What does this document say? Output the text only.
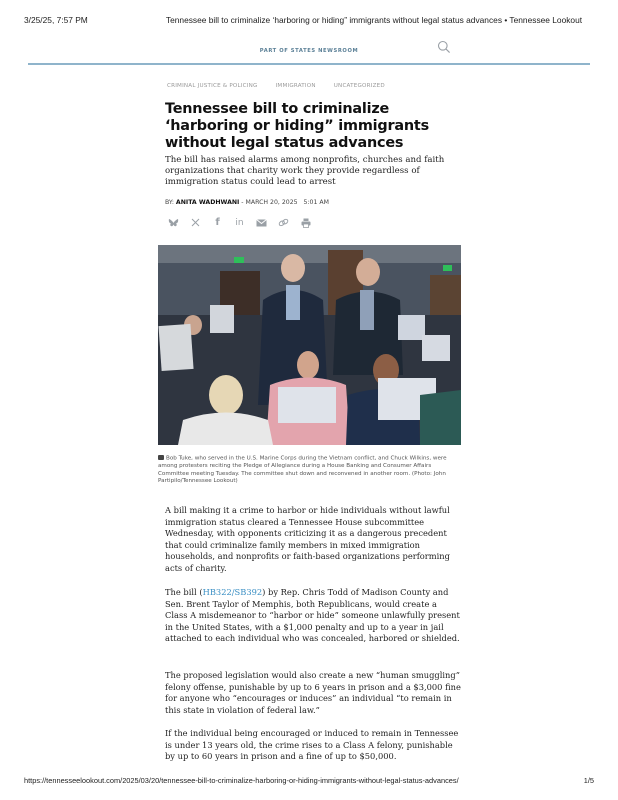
3/25/25, 7:57 PM	Tennessee bill to criminalize ‘harboring or hiding” immigrants without legal status advances • Tennessee Lookout
PART OF STATES NEWSROOM
CRIMINAL JUSTICE & POLICING	IMMIGRATION	UNCATEGORIZED
Tennessee bill to criminalize ‘harboring or hiding” immigrants without legal status advances
The bill has raised alarms among nonprofits, churches and faith organizations that charity work they provide regardless of immigration status could lead to arrest
BY: ANITA WADHWANI - MARCH 20, 2025 5:01 AM
f	in
Bob Tuke, who served in the U.S. Marine Corps during the Vietnam conflict, and Chuck Wilkins, were among protesters reciting the Pledge of Allegiance during a House Banking and Consumer Affairs Committee meeting Tuesday. The committee shut down and reconvened in another room. (Photo: John Partipilo/Tennessee Lookout)

A bill making it a crime to harbor or hide individuals without lawful immigration status cleared a Tennessee House subcommittee Wednesday, with opponents criticizing it as a dangerous precedent that could criminalize family members in mixed immigration households, and nonprofits or faith-based organizations performing acts of charity.

The bill (HB322/SB392) by Rep. Chris Todd of Madison County and Sen. Brent Taylor of Memphis, both Republicans, would create a Class A misdemeanor to “harbor or hide” someone unlawfully present in the United States, with a $1,000 penalty and up to a year in jail attached to each individual who was concealed, harbored or shielded.

The proposed legislation would also create a new “human smuggling” felony offense, punishable by up to 6 years in prison and a $3,000 fine for anyone who “encourages or induces” an individual “to remain in this state in violation of federal law.”

If the individual being encouraged or induced to remain in Tennessee is under 13 years old, the crime rises to a Class A felony, punishable by up to 60 years in prison and a fine of up to $50,000.

https://tennesseelookout.com/2025/03/20/tennessee-bill-to-criminalize-harboring-or-hiding-immigrants-without-legal-status-advances/	1/5
